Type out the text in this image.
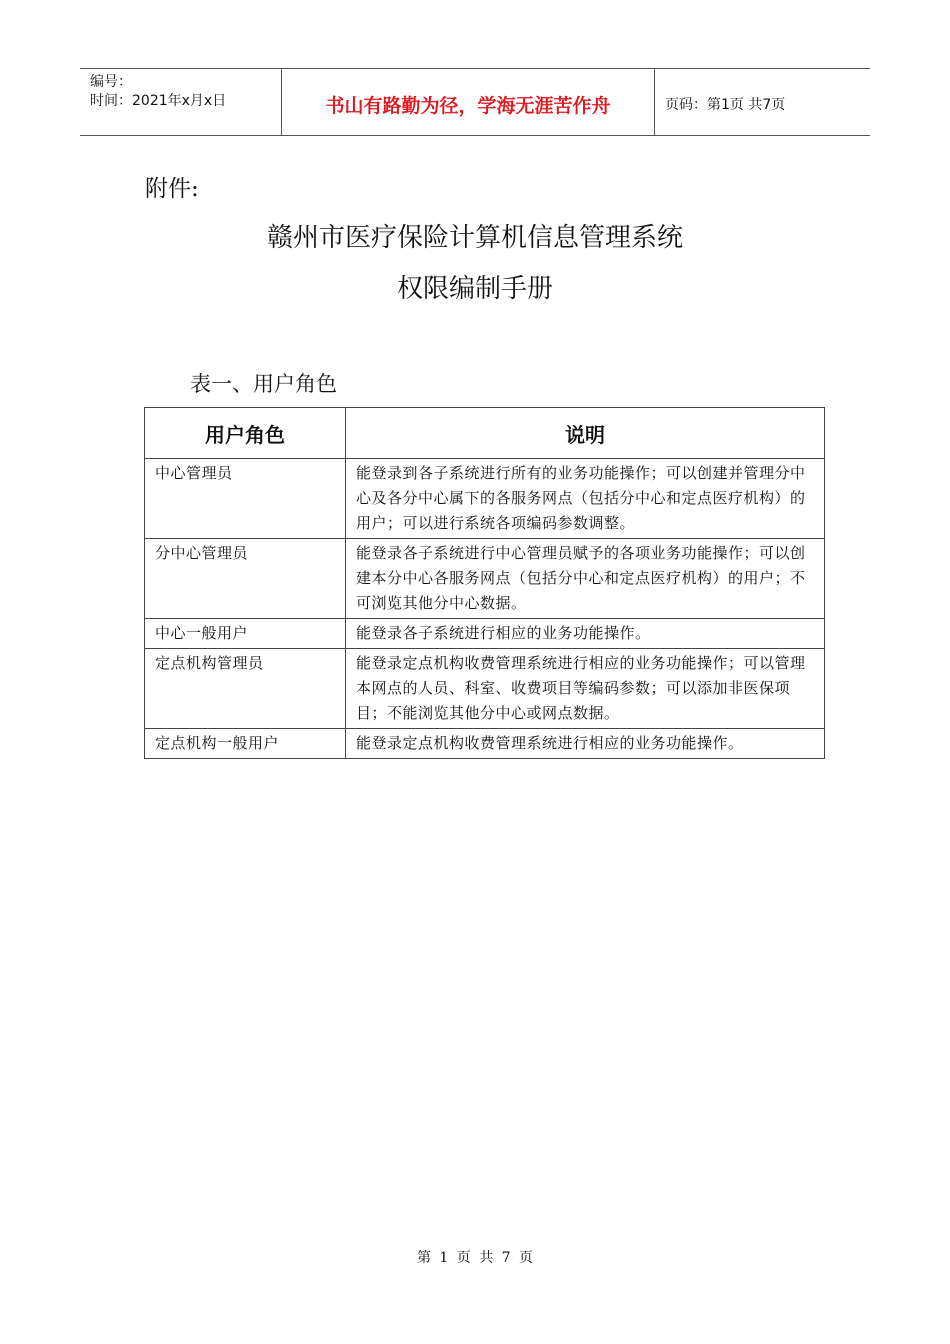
编号：
时间：2021年x月x日	书山有路勤为径，学海无涯苦作舟	页码：第1页 共7页
附件:
赣州市医疗保险计算机信息管理系统
权限编制手册
表一、用户角色
用户角色	说明
中心管理员	能登录到各子系统进行所有的业务功能操作；可以创建并管理分中心及各分中心属下的各服务网点（包括分中心和定点医疗机构）的用户；可以进行系统各项编码参数调整。
分中心管理员	能登录各子系统进行中心管理员赋予的各项业务功能操作；可以创建本分中心各服务网点（包括分中心和定点医疗机构）的用户；不可浏览其他分中心数据。
中心一般用户	能登录各子系统进行相应的业务功能操作。
定点机构管理员	能登录定点机构收费管理系统进行相应的业务功能操作；可以管理本网点的人员、科室、收费项目等编码参数；可以添加非医保项目；不能浏览其他分中心或网点数据。
定点机构一般用户	能登录定点机构收费管理系统进行相应的业务功能操作。
第 1 页 共 7 页
